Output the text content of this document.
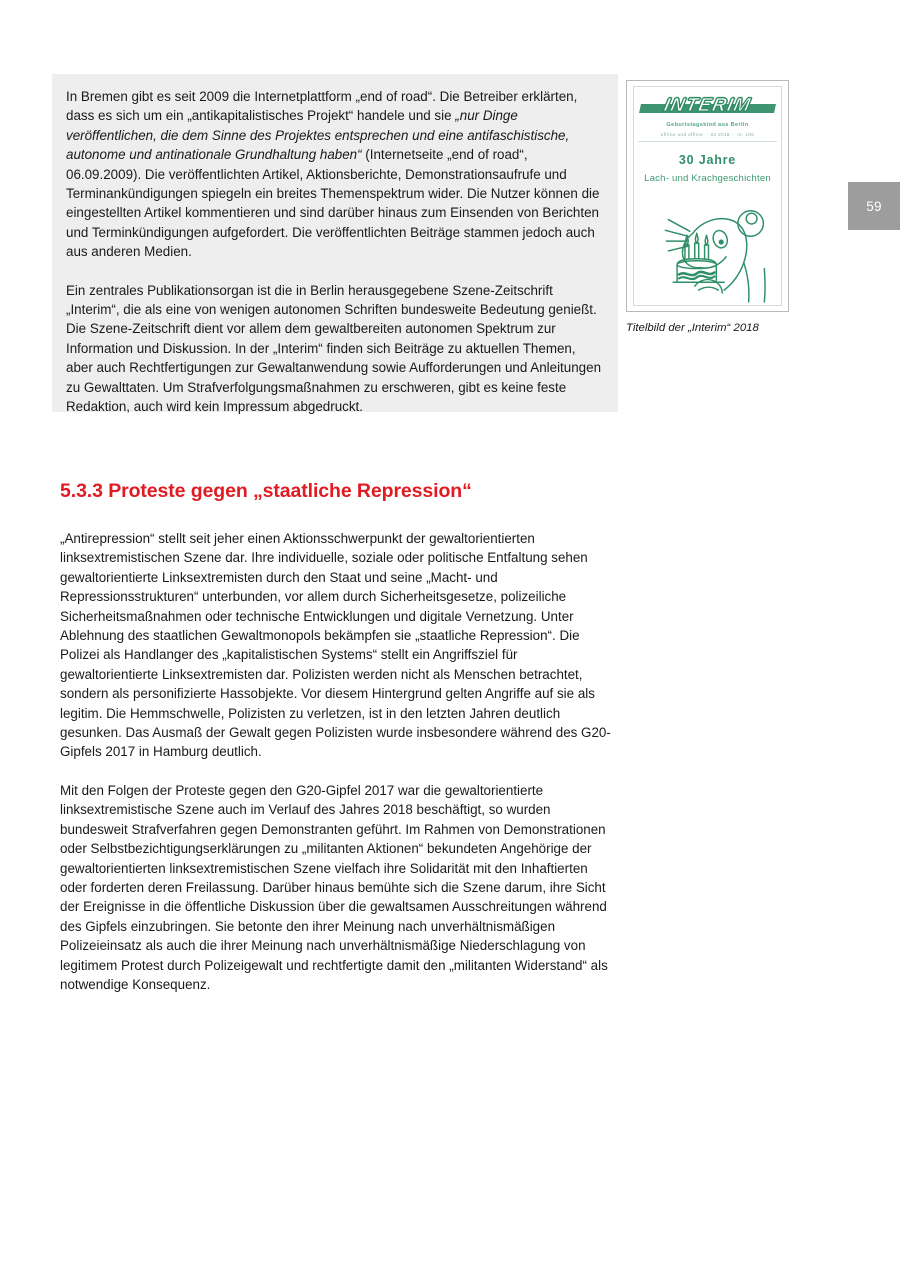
59

In Bremen gibt es seit 2009 die Internetplattform „end of road“. Die Betreiber erklärten, dass es sich um ein „antikapitalistisches Projekt“ handele und sie „nur Dinge veröffentlichen, die dem Sinne des Projektes entsprechen und eine antifaschistische, autonome und antinationale Grundhaltung haben“ (Internetseite „end of road“, 06.09.2009). Die veröffentlichten Artikel, Aktionsberichte, Demonstrationsaufrufe und Terminankündigungen spiegeln ein breites Themenspektrum wider. Die Nutzer können die eingestellten Artikel kommentieren und sind darüber hinaus zum Einsenden von Berichten und Terminkündigungen aufgefordert. Die veröffentlichten Beiträge stammen jedoch auch aus anderen Medien.

Ein zentrales Publikationsorgan ist die in Berlin herausgegebene Szene-Zeitschrift „Interim“, die als eine von wenigen autonomen Schriften bundesweite Bedeutung genießt. Die Szene-Zeitschrift dient vor allem dem gewaltbereiten autonomen Spektrum zur Information und Diskussion. In der „Interim“ finden sich Beiträge zu aktuellen Themen, aber auch Rechtfertigungen zur Gewaltanwendung sowie Aufforderungen und Anleitungen zu Gewalttaten. Um Strafverfolgungsmaßnahmen zu erschweren, gibt es keine feste Redaktion, auch wird kein Impressum abgedruckt.

INTERIM
Geburtstagskind aus Berlin
offline und offline ·· 02.2018 ·· nr. 100
30 Jahre
Lach- und Krachgeschichten
Titelbild der „Interim“ 2018
5.3.3 Proteste gegen „staatliche Repression“

„Antirepression“ stellt seit jeher einen Aktionsschwerpunkt der gewaltorientierten linksextremistischen Szene dar. Ihre individuelle, soziale oder politische Entfaltung sehen gewaltorientierte Linksextremisten durch den Staat und seine „Macht- und Repressionsstrukturen“ unterbunden, vor allem durch Sicherheitsgesetze, polizeiliche Sicherheitsmaßnahmen oder technische Entwicklungen und digitale Vernetzung. Unter Ablehnung des staatlichen Gewaltmonopols bekämpfen sie „staatliche Repression“. Die Polizei als Handlanger des „kapitalistischen Systems“ stellt ein Angriffsziel für gewaltorientierte Linksextremisten dar. Polizisten werden nicht als Menschen betrachtet, sondern als personifizierte Hassobjekte. Vor diesem Hintergrund gelten Angriffe auf sie als legitim. Die Hemmschwelle, Polizisten zu verletzen, ist in den letzten Jahren deutlich gesunken. Das Ausmaß der Gewalt gegen Polizisten wurde insbesondere während des G20-Gipfels 2017 in Hamburg deutlich.

Mit den Folgen der Proteste gegen den G20-Gipfel 2017 war die gewaltorientierte linksextremistische Szene auch im Verlauf des Jahres 2018 beschäftigt, so wurden bundesweit Strafverfahren gegen Demonstranten geführt. Im Rahmen von Demonstrationen oder Selbstbezichtigungserklärungen zu „militanten Aktionen“ bekundeten Angehörige der gewaltorientierten linksextremistischen Szene vielfach ihre Solidarität mit den Inhaftierten oder forderten deren Freilassung. Darüber hinaus bemühte sich die Szene darum, ihre Sicht der Ereignisse in die öffentliche Diskussion über die gewaltsamen Ausschreitungen während des Gipfels einzubringen. Sie betonte den ihrer Meinung nach unverhältnismäßigen Polizeieinsatz als auch die ihrer Meinung nach unverhältnismäßige Niederschlagung von legitimem Protest durch Polizeigewalt und rechtfertigte damit den „militanten Widerstand“ als notwendige Konsequenz.
